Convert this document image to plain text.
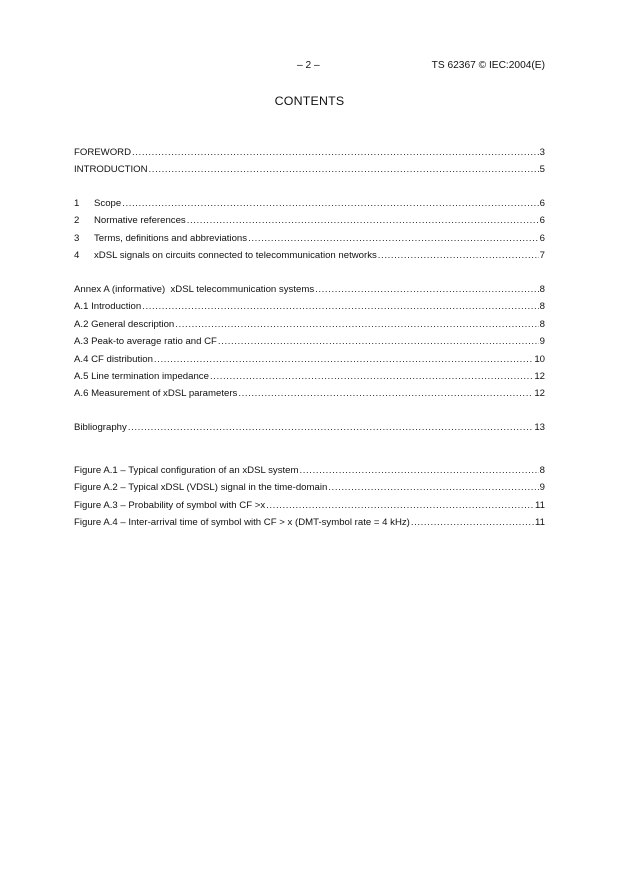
– 2 –	TS 62367 © IEC:2004(E)
CONTENTS
FOREWORD .....	3
INTRODUCTION .....	5
1	Scope .....	6
2	Normative references .....	6
3	Terms, definitions and abbreviations .....	6
4	xDSL signals on circuits connected to telecommunication networks .....	7
Annex A (informative)  xDSL telecommunication systems .....	8
A.1 Introduction .....	8
A.2 General description .....	8
A.3 Peak-to average ratio and CF .....	9
A.4 CF distribution .....	10
A.5 Line termination impedance .....	12
A.6 Measurement of xDSL parameters .....	12
Bibliography .....	13
Figure A.1 – Typical configuration of an xDSL system .....	8
Figure A.2 – Typical xDSL (VDSL) signal in the time-domain .....	9
Figure A.3 – Probability of symbol with CF >x .....	11
Figure A.4 – Inter-arrival time of symbol with CF > x (DMT-symbol rate = 4 kHz) .....	11
